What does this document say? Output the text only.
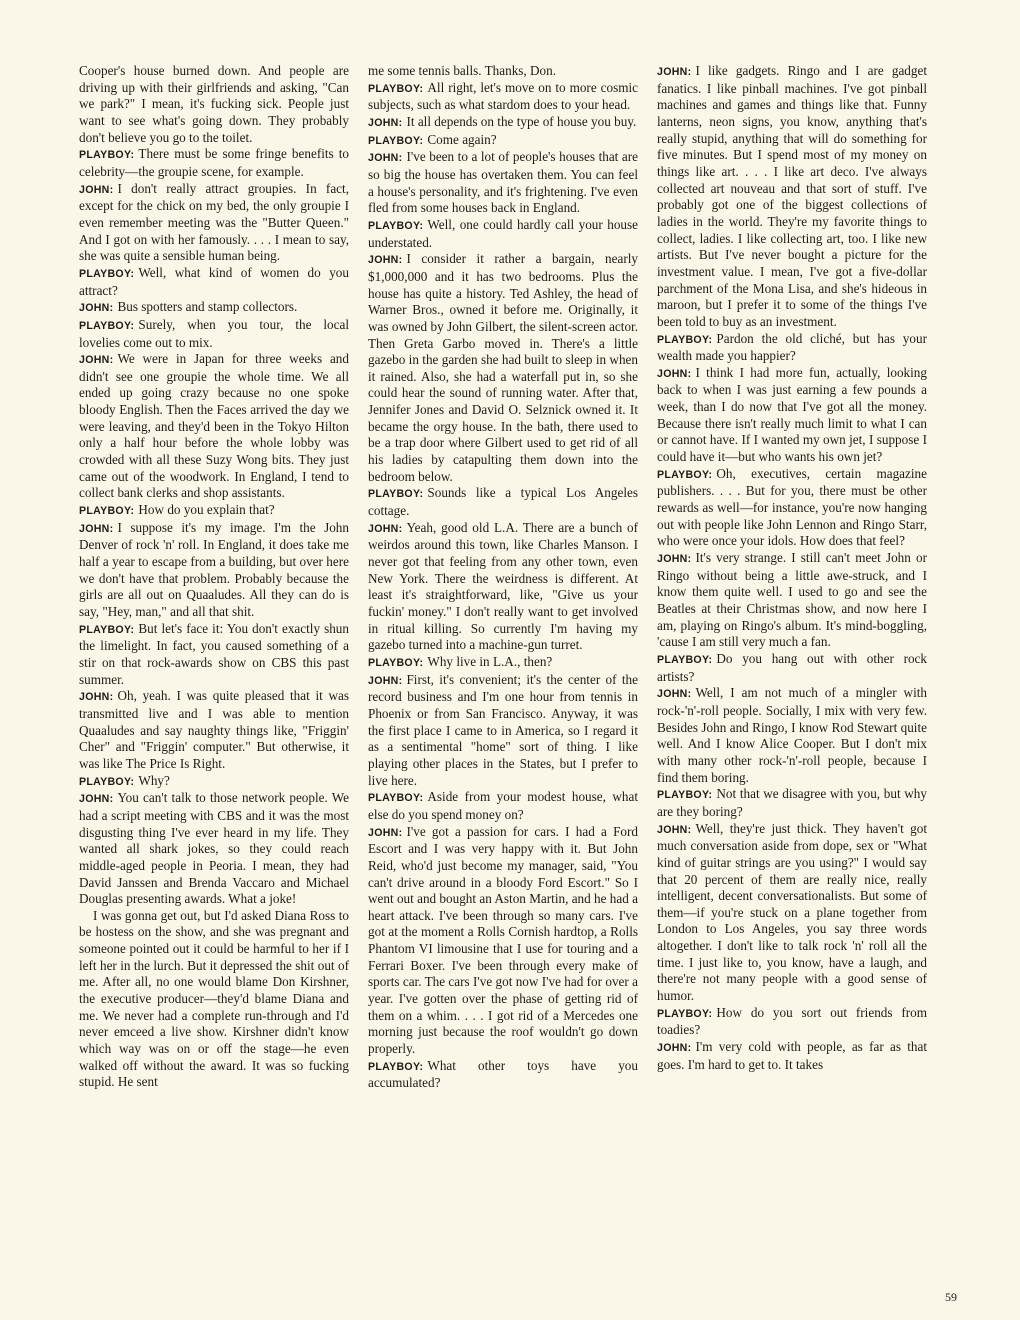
Cooper's house burned down. And people are driving up with their girlfriends and asking, "Can we park?" I mean, it's fucking sick. People just want to see what's going down. They probably don't believe you go to the toilet.

PLAYBOY: There must be some fringe benefits to celebrity—the groupie scene, for example.

JOHN: I don't really attract groupies. In fact, except for the chick on my bed, the only groupie I even remember meeting was the "Butter Queen." And I got on with her famously. . . . I mean to say, she was quite a sensible human being.

PLAYBOY: Well, what kind of women do you attract?

JOHN: Bus spotters and stamp collectors.

PLAYBOY: Surely, when you tour, the local lovelies come out to mix.

JOHN: We were in Japan for three weeks and didn't see one groupie the whole time. We all ended up going crazy because no one spoke bloody English. Then the Faces arrived the day we were leaving, and they'd been in the Tokyo Hilton only a half hour before the whole lobby was crowded with all these Suzy Wong bits. They just came out of the woodwork. In England, I tend to collect bank clerks and shop assistants.

PLAYBOY: How do you explain that?

JOHN: I suppose it's my image. I'm the John Denver of rock 'n' roll. In England, it does take me half a year to escape from a building, but over here we don't have that problem. Probably because the girls are all out on Quaaludes. All they can do is say, "Hey, man," and all that shit.

PLAYBOY: But let's face it: You don't exactly shun the limelight. In fact, you caused something of a stir on that rock-awards show on CBS this past summer.

JOHN: Oh, yeah. I was quite pleased that it was transmitted live and I was able to mention Quaaludes and say naughty things like, "Friggin' Cher" and "Friggin' computer." But otherwise, it was like The Price Is Right.

PLAYBOY: Why?

JOHN: You can't talk to those network people. We had a script meeting with CBS and it was the most disgusting thing I've ever heard in my life. They wanted all shark jokes, so they could reach middle-aged people in Peoria. I mean, they had David Janssen and Brenda Vaccaro and Michael Douglas presenting awards. What a joke!

I was gonna get out, but I'd asked Diana Ross to be hostess on the show, and she was pregnant and someone pointed out it could be harmful to her if I left her in the lurch. But it depressed the shit out of me. After all, no one would blame Don Kirshner, the executive producer—they'd blame Diana and me. We never had a complete run-through and I'd never emceed a live show. Kirshner didn't know which way was on or off the stage—he even walked off without the award. It was so fucking stupid. He sent

me some tennis balls. Thanks, Don.

PLAYBOY: All right, let's move on to more cosmic subjects, such as what stardom does to your head.

JOHN: It all depends on the type of house you buy.

PLAYBOY: Come again?

JOHN: I've been to a lot of people's houses that are so big the house has overtaken them. You can feel a house's personality, and it's frightening. I've even fled from some houses back in England.

PLAYBOY: Well, one could hardly call your house understated.

JOHN: I consider it rather a bargain, nearly $1,000,000 and it has two bedrooms. Plus the house has quite a history. Ted Ashley, the head of Warner Bros., owned it before me. Originally, it was owned by John Gilbert, the silent-screen actor. Then Greta Garbo moved in. There's a little gazebo in the garden she had built to sleep in when it rained. Also, she had a waterfall put in, so she could hear the sound of running water. After that, Jennifer Jones and David O. Selznick owned it. It became the orgy house. In the bath, there used to be a trap door where Gilbert used to get rid of all his ladies by catapulting them down into the bedroom below.

PLAYBOY: Sounds like a typical Los Angeles cottage.

JOHN: Yeah, good old L.A. There are a bunch of weirdos around this town, like Charles Manson. I never got that feeling from any other town, even New York. There the weirdness is different. At least it's straightforward, like, "Give us your fuckin' money." I don't really want to get involved in ritual killing. So currently I'm having my gazebo turned into a machine-gun turret.

PLAYBOY: Why live in L.A., then?

JOHN: First, it's convenient; it's the center of the record business and I'm one hour from tennis in Phoenix or from San Francisco. Anyway, it was the first place I came to in America, so I regard it as a sentimental "home" sort of thing. I like playing other places in the States, but I prefer to live here.

PLAYBOY: Aside from your modest house, what else do you spend money on?

JOHN: I've got a passion for cars. I had a Ford Escort and I was very happy with it. But John Reid, who'd just become my manager, said, "You can't drive around in a bloody Ford Escort." So I went out and bought an Aston Martin, and he had a heart attack. I've been through so many cars. I've got at the moment a Rolls Cornish hardtop, a Rolls Phantom VI limousine that I use for touring and a Ferrari Boxer. I've been through every make of sports car. The cars I've got now I've had for over a year. I've gotten over the phase of getting rid of them on a whim. . . . I got rid of a Mercedes one morning just because the roof wouldn't go down properly.

PLAYBOY: What other toys have you accumulated?

JOHN: I like gadgets. Ringo and I are gadget fanatics. I like pinball machines. I've got pinball machines and games and things like that. Funny lanterns, neon signs, you know, anything that's really stupid, anything that will do something for five minutes. But I spend most of my money on things like art. . . . I like art deco. I've always collected art nouveau and that sort of stuff. I've probably got one of the biggest collections of ladies in the world. They're my favorite things to collect, ladies. I like collecting art, too. I like new artists. But I've never bought a picture for the investment value. I mean, I've got a five-dollar parchment of the Mona Lisa, and she's hideous in maroon, but I prefer it to some of the things I've been told to buy as an investment.

PLAYBOY: Pardon the old cliché, but has your wealth made you happier?

JOHN: I think I had more fun, actually, looking back to when I was just earning a few pounds a week, than I do now that I've got all the money. Because there isn't really much limit to what I can or cannot have. If I wanted my own jet, I suppose I could have it—but who wants his own jet?

PLAYBOY: Oh, executives, certain magazine publishers. . . . But for you, there must be other rewards as well—for instance, you're now hanging out with people like John Lennon and Ringo Starr, who were once your idols. How does that feel?

JOHN: It's very strange. I still can't meet John or Ringo without being a little awe-struck, and I know them quite well. I used to go and see the Beatles at their Christmas show, and now here I am, playing on Ringo's album. It's mind-boggling, 'cause I am still very much a fan.

PLAYBOY: Do you hang out with other rock artists?

JOHN: Well, I am not much of a mingler with rock-'n'-roll people. Socially, I mix with very few. Besides John and Ringo, I know Rod Stewart quite well. And I know Alice Cooper. But I don't mix with many other rock-'n'-roll people, because I find them boring.

PLAYBOY: Not that we disagree with you, but why are they boring?

JOHN: Well, they're just thick. They haven't got much conversation aside from dope, sex or "What kind of guitar strings are you using?" I would say that 20 percent of them are really nice, really intelligent, decent conversationalists. But some of them—if you're stuck on a plane together from London to Los Angeles, you say three words altogether. I don't like to talk rock 'n' roll all the time. I just like to, you know, have a laugh, and there're not many people with a good sense of humor.

PLAYBOY: How do you sort out friends from toadies?

JOHN: I'm very cold with people, as far as that goes. I'm hard to get to. It takes

59
